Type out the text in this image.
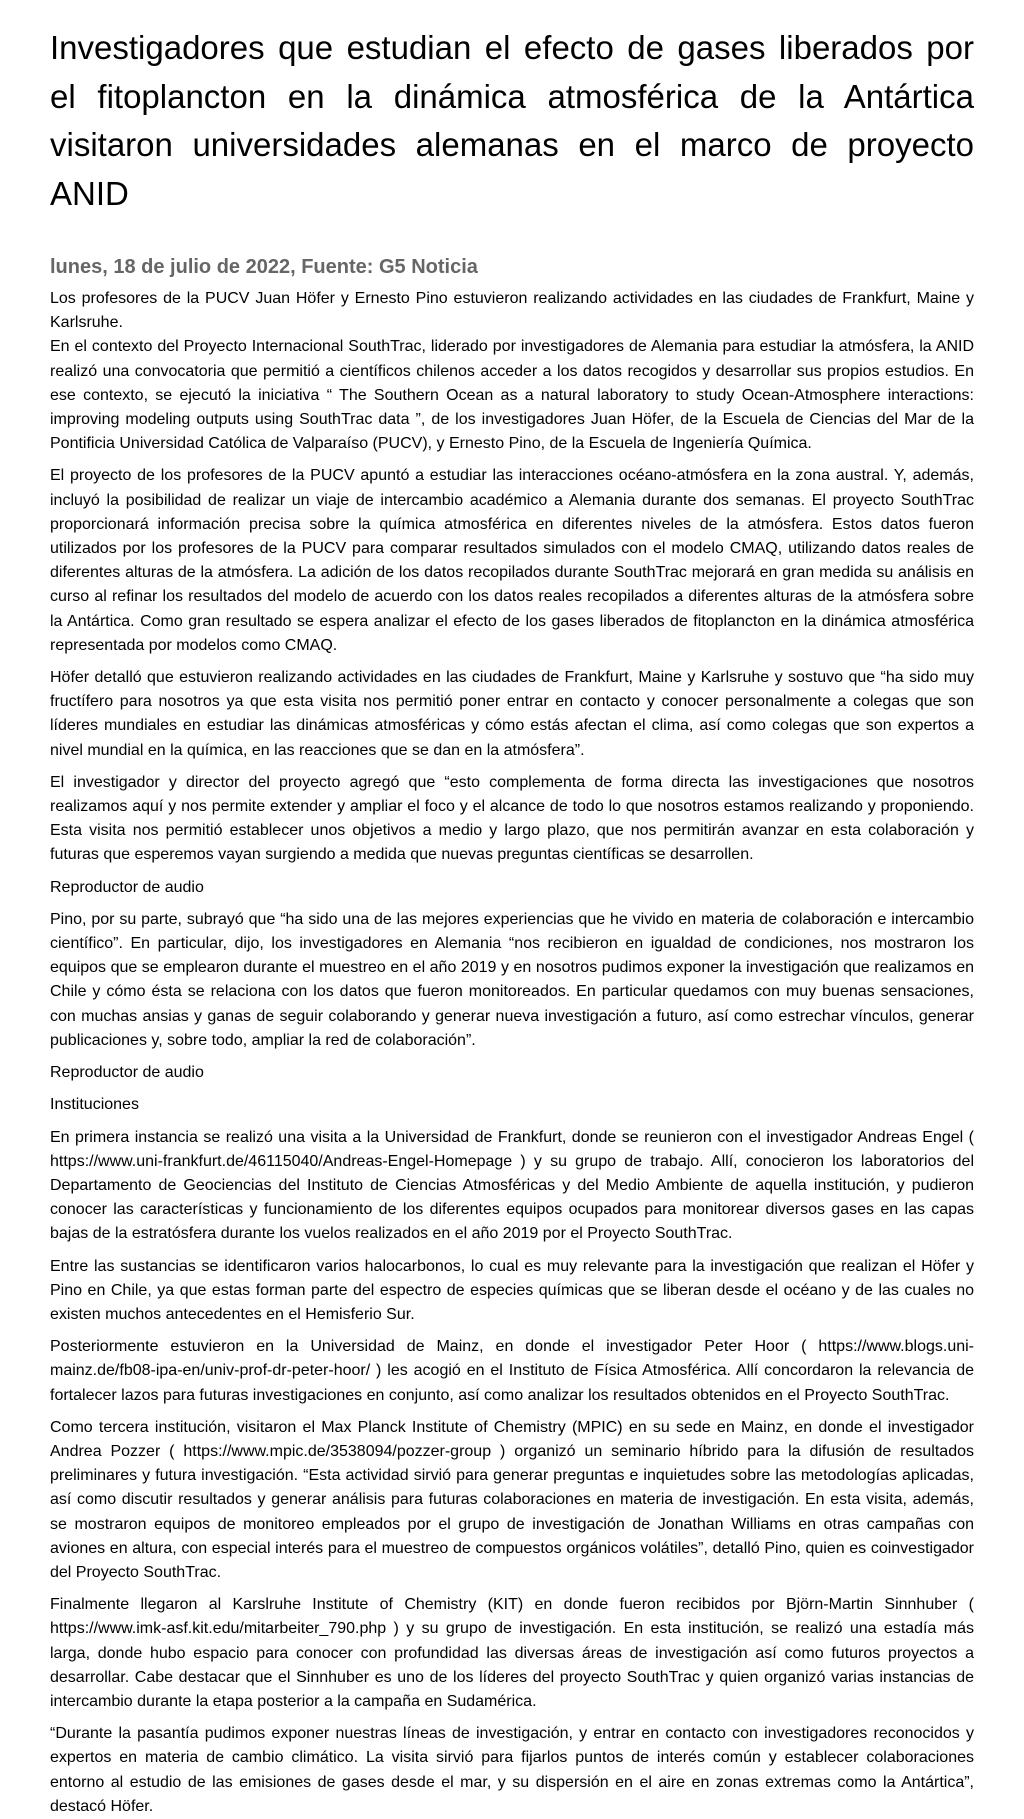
Investigadores que estudian el efecto de gases liberados por el fitoplancton en la dinámica atmosférica de la Antártica visitaron universidades alemanas en el marco de proyecto ANID
lunes, 18 de julio de 2022, Fuente: G5 Noticia

Los profesores de la PUCV Juan Höfer y Ernesto Pino estuvieron realizando actividades en las ciudades de Frankfurt, Maine y Karlsruhe.

En el contexto del Proyecto Internacional SouthTrac, liderado por investigadores de Alemania para estudiar la atmósfera, la ANID realizó una convocatoria que permitió a científicos chilenos acceder a los datos recogidos y desarrollar sus propios estudios. En ese contexto, se ejecutó la iniciativa “ The Southern Ocean as a natural laboratory to study Ocean-Atmosphere interactions: improving modeling outputs using SouthTrac data ”, de los investigadores Juan Höfer, de la Escuela de Ciencias del Mar de la Pontificia Universidad Católica de Valparaíso (PUCV), y Ernesto Pino, de la Escuela de Ingeniería Química.

El proyecto de los profesores de la PUCV apuntó a estudiar las interacciones océano-atmósfera en la zona austral. Y, además, incluyó la posibilidad de realizar un viaje de intercambio académico a Alemania durante dos semanas. El proyecto SouthTrac proporcionará información precisa sobre la química atmosférica en diferentes niveles de la atmósfera. Estos datos fueron utilizados por los profesores de la PUCV para comparar resultados simulados con el modelo CMAQ, utilizando datos reales de diferentes alturas de la atmósfera. La adición de los datos recopilados durante SouthTrac mejorará en gran medida su análisis en curso al refinar los resultados del modelo de acuerdo con los datos reales recopilados a diferentes alturas de la atmósfera sobre la Antártica. Como gran resultado se espera analizar el efecto de los gases liberados de fitoplancton en la dinámica atmosférica representada por modelos como CMAQ.

Höfer detalló que estuvieron realizando actividades en las ciudades de Frankfurt, Maine y Karlsruhe y sostuvo que “ha sido muy fructífero para nosotros ya que esta visita nos permitió poner entrar en contacto y conocer personalmente a colegas que son líderes mundiales en estudiar las dinámicas atmosféricas y cómo estás afectan el clima, así como colegas que son expertos a nivel mundial en la química, en las reacciones que se dan en la atmósfera”.

El investigador y director del proyecto agregó que “esto complementa de forma directa las investigaciones que nosotros realizamos aquí y nos permite extender y ampliar el foco y el alcance de todo lo que nosotros estamos realizando y proponiendo. Esta visita nos permitió establecer unos objetivos a medio y largo plazo, que nos permitirán avanzar en esta colaboración y futuras que esperemos vayan surgiendo a medida que nuevas preguntas científicas se desarrollen.

Reproductor de audio

Pino, por su parte, subrayó que “ha sido una de las mejores experiencias que he vivido en materia de colaboración e intercambio científico”. En particular, dijo, los investigadores en Alemania “nos recibieron en igualdad de condiciones, nos mostraron los equipos que se emplearon durante el muestreo en el año 2019 y en nosotros pudimos exponer la investigación que realizamos en Chile y cómo ésta se relaciona con los datos que fueron monitoreados. En particular quedamos con muy buenas sensaciones, con muchas ansias y ganas de seguir colaborando y generar nueva investigación a futuro, así como estrechar vínculos, generar publicaciones y, sobre todo, ampliar la red de colaboración”.

Reproductor de audio
Instituciones

En primera instancia se realizó una visita a la Universidad de Frankfurt, donde se reunieron con el investigador Andreas Engel ( https://www.uni-frankfurt.de/46115040/Andreas-Engel-Homepage ) y su grupo de trabajo. Allí, conocieron los laboratorios del Departamento de Geociencias del Instituto de Ciencias Atmosféricas y del Medio Ambiente de aquella institución, y pudieron conocer las características y funcionamiento de los diferentes equipos ocupados para monitorear diversos gases en las capas bajas de la estratósfera durante los vuelos realizados en el año 2019 por el Proyecto SouthTrac.

Entre las sustancias se identificaron varios halocarbonos, lo cual es muy relevante para la investigación que realizan el Höfer y Pino en Chile, ya que estas forman parte del espectro de especies químicas que se liberan desde el océano y de las cuales no existen muchos antecedentes en el Hemisferio Sur.

Posteriormente estuvieron en la Universidad de Mainz, en donde el investigador Peter Hoor ( https://www.blogs.uni-mainz.de/fb08-ipa-en/univ-prof-dr-peter-hoor/ ) les acogió en el Instituto de Física Atmosférica. Allí concordaron la relevancia de fortalecer lazos para futuras investigaciones en conjunto, así como analizar los resultados obtenidos en el Proyecto SouthTrac.

Como tercera institución, visitaron el Max Planck Institute of Chemistry (MPIC) en su sede en Mainz, en donde el investigador Andrea Pozzer ( https://www.mpic.de/3538094/pozzer-group ) organizó un seminario híbrido para la difusión de resultados preliminares y futura investigación. “Esta actividad sirvió para generar preguntas e inquietudes sobre las metodologías aplicadas, así como discutir resultados y generar análisis para futuras colaboraciones en materia de investigación. En esta visita, además, se mostraron equipos de monitoreo empleados por el grupo de investigación de Jonathan Williams en otras campañas con aviones en altura, con especial interés para el muestreo de compuestos orgánicos volátiles”, detalló Pino, quien es coinvestigador del Proyecto SouthTrac.

Finalmente llegaron al Karslruhe Institute of Chemistry (KIT) en donde fueron recibidos por Björn-Martin Sinnhuber ( https://www.imk-asf.kit.edu/mitarbeiter_790.php ) y su grupo de investigación. En esta institución, se realizó una estadía más larga, donde hubo espacio para conocer con profundidad las diversas áreas de investigación así como futuros proyectos a desarrollar. Cabe destacar que el Sinnhuber es uno de los líderes del proyecto SouthTrac y quien organizó varias instancias de intercambio durante la etapa posterior a la campaña en Sudamérica.

“Durante la pasantía pudimos exponer nuestras líneas de investigación, y entrar en contacto con investigadores reconocidos y expertos en materia de cambio climático. La visita sirvió para fijarlos puntos de interés común y establecer colaboraciones entorno al estudio de las emisiones de gases desde el mar, y su dispersión en el aire en zonas extremas como la Antártica”, destacó Höfer.
